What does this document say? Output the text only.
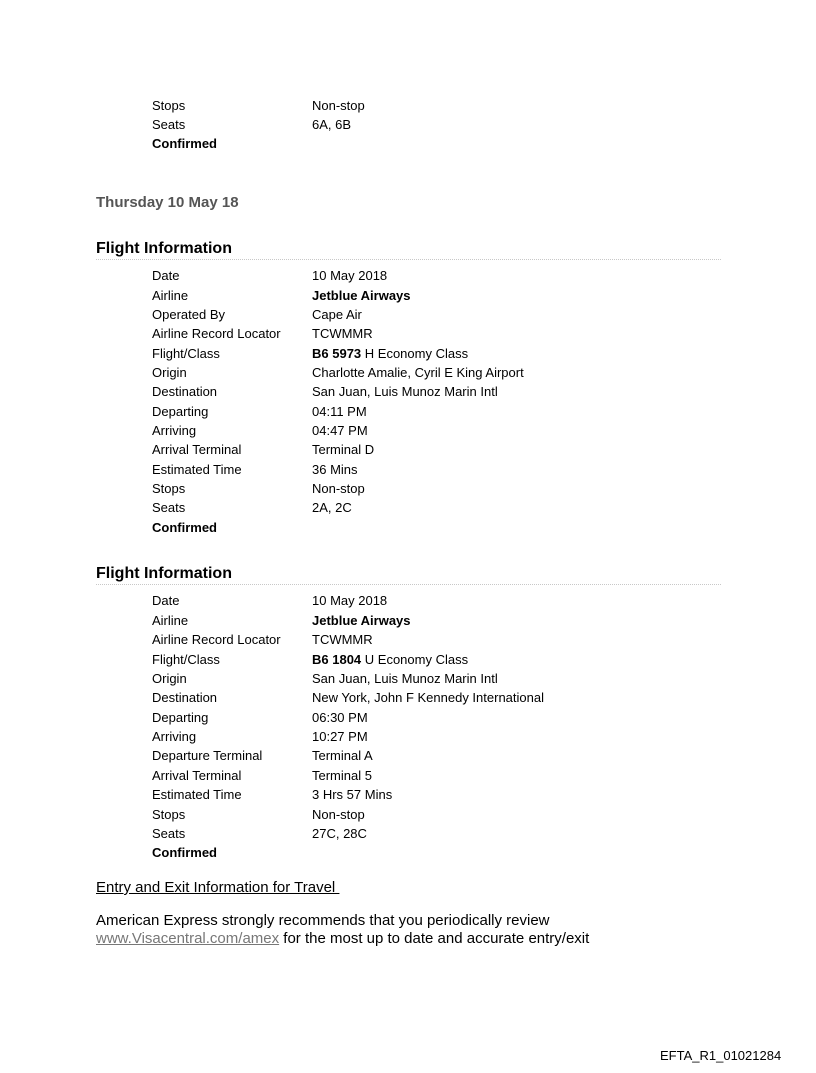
Stops	Non-stop
Seats	6A, 6B
Confirmed
Thursday 10 May 18
Flight Information
Date	10 May 2018
Airline	Jetblue Airways
Operated By	Cape Air
Airline Record Locator TCWMMR
Flight/Class	B6 5973 H Economy Class
Origin	Charlotte Amalie, Cyril E King Airport
Destination	San Juan, Luis Munoz Marin Intl
Departing	04:11 PM
Arriving	04:47 PM
Arrival Terminal	Terminal D
Estimated Time	36 Mins
Stops	Non-stop
Seats	2A, 2C
Confirmed
Flight Information
Date	10 May 2018
Airline	Jetblue Airways
Airline Record Locator TCWMMR
Flight/Class	B6 1804 U Economy Class
Origin	San Juan, Luis Munoz Marin Intl
Destination	New York, John F Kennedy International
Departing	06:30 PM
Arriving	10:27 PM
Departure Terminal	Terminal A
Arrival Terminal	Terminal 5
Estimated Time	3 Hrs 57 Mins
Stops	Non-stop
Seats	27C, 28C
Confirmed
Entry and Exit Information for Travel
American Express strongly recommends that you periodically review www.Visacentral.com/amex for the most up to date and accurate entry/exit
EFTA_R1_01021284
